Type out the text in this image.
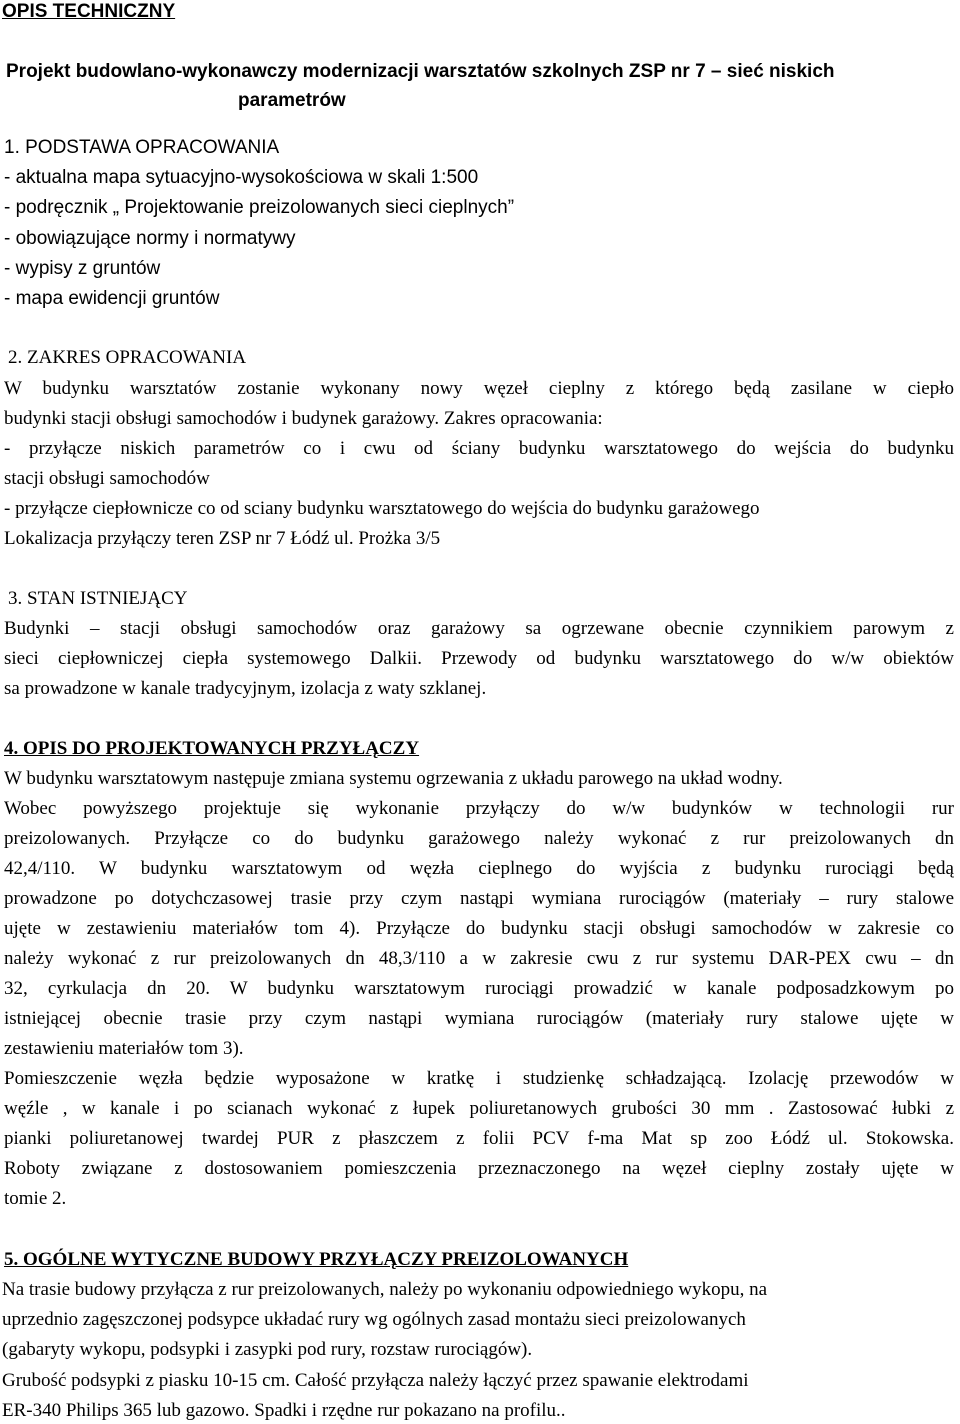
OPIS TECHNICZNY
Projekt budowlano-wykonawczy modernizacji warsztatów szkolnych ZSP nr 7 – sieć niskich
parametrów
1. PODSTAWA OPRACOWANIA
- aktualna mapa sytuacyjno-wysokościowa w skali 1:500
- podręcznik „ Projektowanie preizolowanych sieci cieplnych”
- obowiązujące normy i normatywy
- wypisy z gruntów
- mapa ewidencji gruntów
2. ZAKRES OPRACOWANIA
W budynku warsztatów zostanie wykonany nowy węzeł cieplny z którego będą zasilane w ciepło
budynki stacji obsługi samochodów i budynek garażowy. Zakres opracowania:
- przyłącze niskich parametrów co i cwu od ściany budynku warsztatowego do wejścia do budynku
stacji obsługi samochodów
- przyłącze ciepłownicze co od sciany budynku warsztatowego do wejścia do budynku garażowego
Lokalizacja przyłączy teren ZSP nr 7 Łódź ul. Prożka 3/5
3. STAN ISTNIEJĄCY
Budynki – stacji obsługi samochodów oraz garażowy sa ogrzewane obecnie czynnikiem parowym z
sieci ciepłowniczej ciepła systemowego Dalkii. Przewody od budynku warsztatowego do w/w obiektów
sa prowadzone w kanale tradycyjnym, izolacja z waty szklanej.
4. OPIS DO PROJEKTOWANYCH PRZYŁĄCZY
W budynku warsztatowym następuje zmiana systemu ogrzewania z układu parowego na układ wodny.
Wobec powyższego projektuje się wykonanie przyłączy do w/w budynków w technologii rur
preizolowanych. Przyłącze co do budynku garażowego należy wykonać z rur preizolowanych dn
42,4/110. W budynku warsztatowym od węzła cieplnego do wyjścia z budynku rurociągi będą
prowadzone po dotychczasowej trasie przy czym nastąpi wymiana rurociągów (materiały – rury stalowe
ujęte w zestawieniu materiałów tom 4). Przyłącze do budynku stacji obsługi samochodów w zakresie co
należy wykonać z rur preizolowanych dn 48,3/110 a w zakresie cwu z rur systemu DAR-PEX cwu – dn
32, cyrkulacja dn 20. W budynku warsztatowym rurociągi prowadzić w kanale podposadzkowym po
istniejącej obecnie trasie przy czym nastąpi wymiana rurociągów (materiały rury stalowe ujęte w
zestawieniu materiałów tom 3).
Pomieszczenie węzła będzie wyposażone w kratkę i studzienkę schładzającą. Izolację przewodów w
węźle , w kanale i po scianach wykonać z łupek poliuretanowych grubości 30 mm . Zastosować łubki z
pianki poliuretanowej twardej PUR z płaszczem z folii PCV f-ma Mat sp zoo Łódź ul. Stokowska.
Roboty związane z dostosowaniem pomieszczenia przeznaczonego na węzeł cieplny zostały ujęte w
tomie 2.
5. OGÓLNE WYTYCZNE BUDOWY PRZYŁĄCZY PREIZOLOWANYCH
Na trasie budowy przyłącza z rur preizolowanych, należy po wykonaniu odpowiedniego wykopu, na
uprzednio zagęszczonej podsypce układać rury wg ogólnych zasad montażu sieci preizolowanych
(gabaryty wykopu, podsypki i zasypki pod rury, rozstaw rurociągów).
Grubość podsypki z piasku 10-15 cm. Całość przyłącza należy łączyć przez spawanie elektrodami
ER-340 Philips 365 lub gazowo. Spadki i rzędne rur pokazano na profilu..
